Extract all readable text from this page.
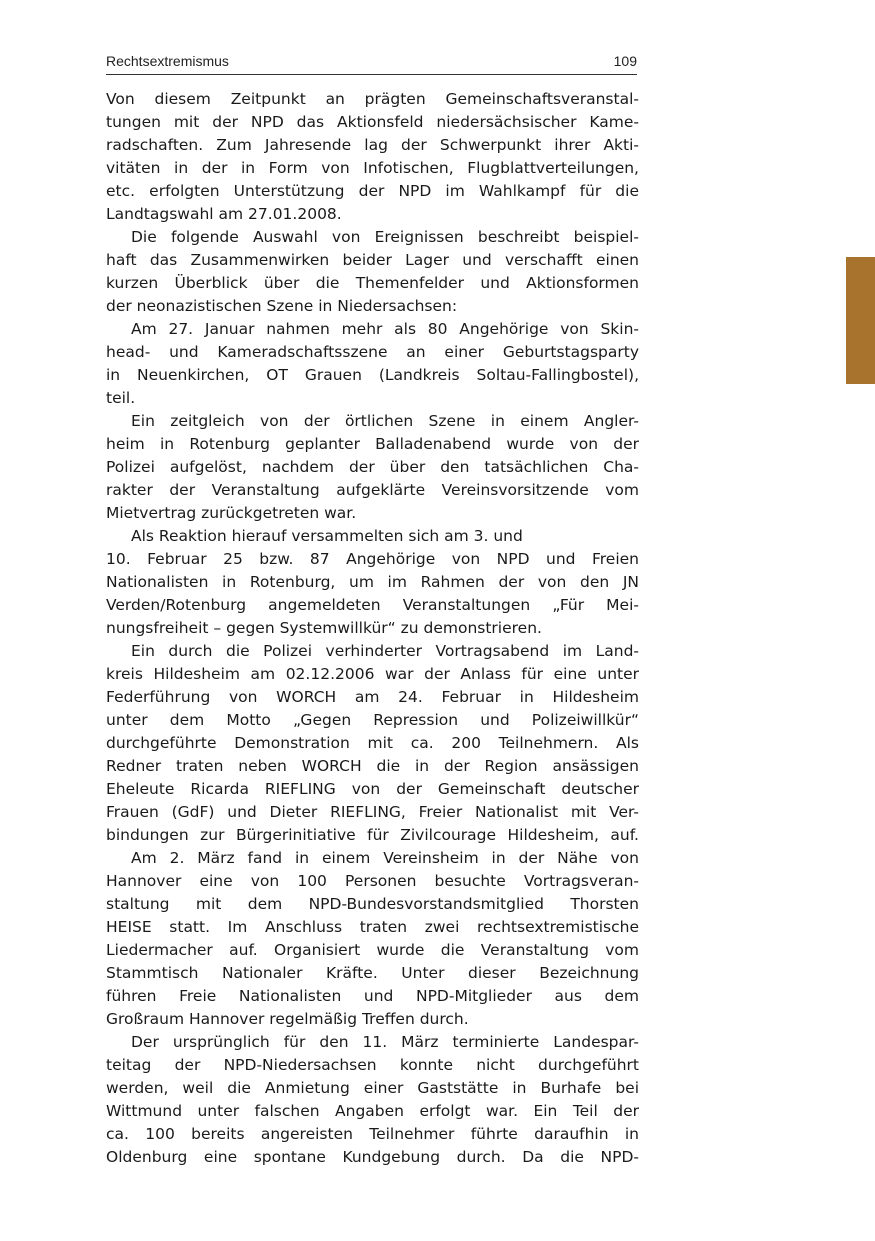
Rechtsextremismus	109
Von diesem Zeitpunkt an prägten Gemeinschaftsveranstal-
tungen mit der NPD das Aktionsfeld niedersächsischer Kame-
radschaften. Zum Jahresende lag der Schwerpunkt ihrer Akti-
vitäten in der in Form von Infotischen, Flugblattverteilungen,
etc. erfolgten Unterstützung der NPD im Wahlkampf für die
Landtagswahl am 27.01.2008.
Die folgende Auswahl von Ereignissen beschreibt beispiel-
haft das Zusammenwirken beider Lager und verschafft einen
kurzen Überblick über die Themenfelder und Aktionsformen
der neonazistischen Szene in Niedersachsen:
Am 27. Januar nahmen mehr als 80 Angehörige von Skin-
head- und Kameradschaftsszene an einer Geburtstagsparty
in Neuenkirchen, OT Grauen (Landkreis Soltau-Fallingbostel),
teil.
Ein zeitgleich von der örtlichen Szene in einem Angler-
heim in Rotenburg geplanter Balladenabend wurde von der
Polizei aufgelöst, nachdem der über den tatsächlichen Cha-
rakter der Veranstaltung aufgeklärte Vereinsvorsitzende vom
Mietvertrag zurückgetreten war.
Als Reaktion hierauf versammelten sich am 3. und
10. Februar 25 bzw. 87 Angehörige von NPD und Freien
Nationalisten in Rotenburg, um im Rahmen der von den JN
Verden/Rotenburg angemeldeten Veranstaltungen „Für Mei-
nungsfreiheit – gegen Systemwillkür“ zu demonstrieren.
Ein durch die Polizei verhinderter Vortragsabend im Land-
kreis Hildesheim am 02.12.2006 war der Anlass für eine unter
Federführung von WORCH am 24. Februar in Hildesheim
unter dem Motto „Gegen Repression und Polizeiwillkür“
durchgeführte Demonstration mit ca. 200 Teilnehmern. Als
Redner traten neben WORCH die in der Region ansässigen
Eheleute Ricarda RIEFLING von der Gemeinschaft deutscher
Frauen (GdF) und Dieter RIEFLING, Freier Nationalist mit Ver-
bindungen zur Bürgerinitiative für Zivilcourage Hildesheim, auf.
Am 2. März fand in einem Vereinsheim in der Nähe von
Hannover eine von 100 Personen besuchte Vortragsveran-
staltung mit dem NPD-Bundesvorstandsmitglied Thorsten
HEISE statt. Im Anschluss traten zwei rechtsextremistische
Liedermacher auf. Organisiert wurde die Veranstaltung vom
Stammtisch Nationaler Kräfte. Unter dieser Bezeichnung
führen Freie Nationalisten und NPD-Mitglieder aus dem
Großraum Hannover regelmäßig Treffen durch.
Der ursprünglich für den 11. März terminierte Landespar-
teitag der NPD-Niedersachsen konnte nicht durchgeführt
werden, weil die Anmietung einer Gaststätte in Burhafe bei
Wittmund unter falschen Angaben erfolgt war. Ein Teil der
ca. 100 bereits angereisten Teilnehmer führte daraufhin in
Oldenburg eine spontane Kundgebung durch. Da die NPD-
